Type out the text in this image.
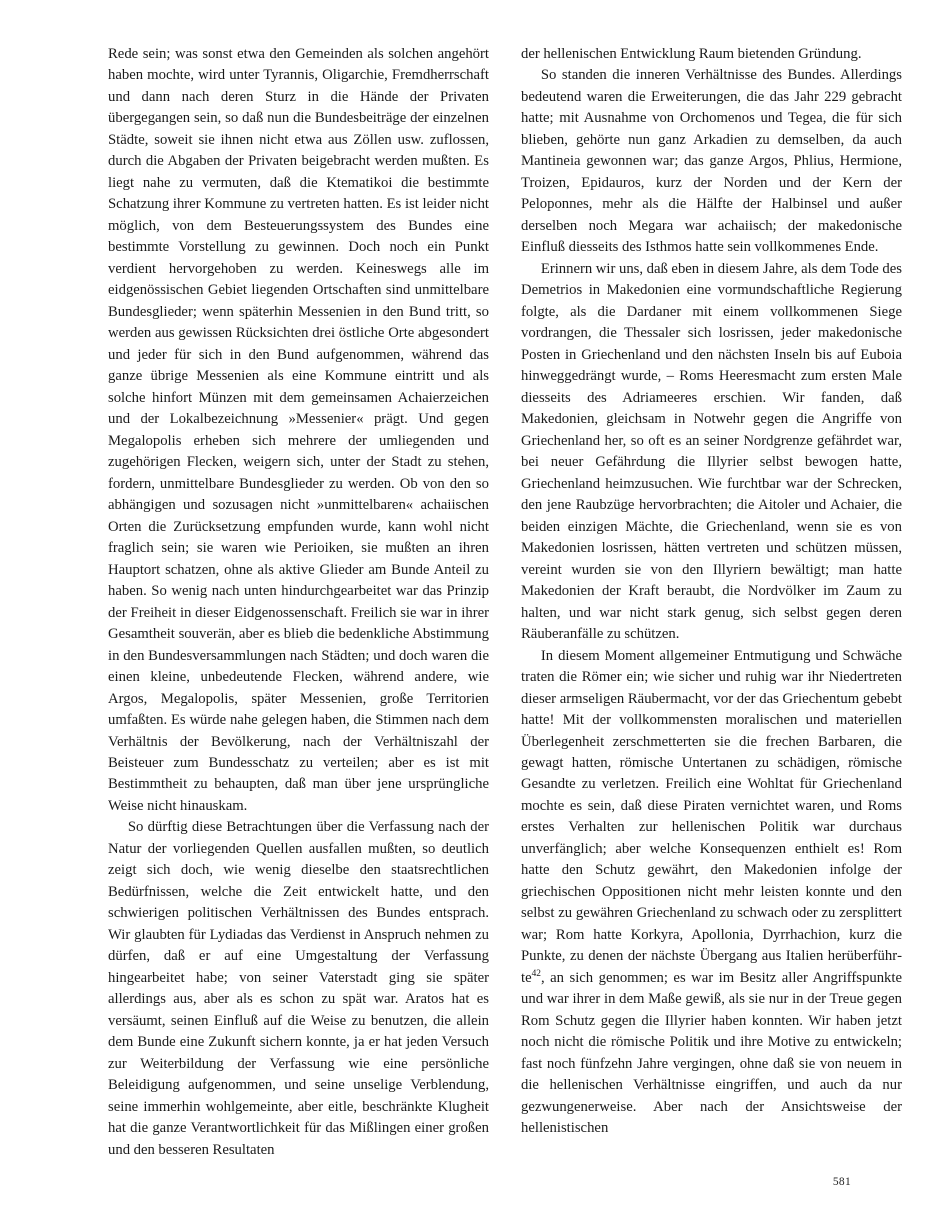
Rede sein; was sonst etwa den Gemeinden als solchen angehört haben mochte, wird unter Tyrannis, Oligarchie, Fremdherrschaft und dann nach deren Sturz in die Hände der Privaten übergegangen sein, so daß nun die Bundesbeiträge der einzelnen Städte, soweit sie ihnen nicht etwa aus Zöllen usw. zuflossen, durch die Abgaben der Privaten beigebracht werden mußten. Es liegt nahe zu vermuten, daß die Ktematikoi die bestimmte Schatzung ihrer Kommune zu vertreten hatten. Es ist leider nicht möglich, von dem Besteuerungssystem des Bundes eine bestimmte Vorstellung zu gewinnen. Doch noch ein Punkt verdient hervorgehoben zu werden. Keineswegs alle im eidgenössischen Gebiet liegenden Ortschaften sind unmittelbare Bundesglieder; wenn späterhin Messenien in den Bund tritt, so werden aus gewissen Rücksichten drei östliche Orte abgesondert und jeder für sich in den Bund aufgenommen, während das ganze übrige Messenien als eine Kommune eintritt und als solche hinfort Münzen mit dem gemeinsamen Achaierzeichen und der Lokalbezeichnung »Messenier« prägt. Und gegen Megalopolis erheben sich mehrere der umliegenden und zugehörigen Flecken, weigern sich, unter der Stadt zu stehen, fordern, unmittelbare Bundesglieder zu werden. Ob von den so abhängigen und sozusagen nicht »unmittelbaren« achaiischen Orten die Zurücksetzung empfunden wurde, kann wohl nicht fraglich sein; sie waren wie Perioiken, sie mußten an ihren Hauptort schatzen, ohne als aktive Glieder am Bunde Anteil zu haben. So wenig nach unten hindurchgearbeitet war das Prinzip der Freiheit in dieser Eidgenossenschaft. Freilich sie war in ihrer Gesamtheit souverän, aber es blieb die bedenkliche Abstimmung in den Bundesversammlungen nach Städten; und doch waren die einen kleine, unbedeutende Flecken, während andere, wie Argos, Megalopolis, später Messenien, große Territorien umfaßten. Es würde nahe gelegen haben, die Stimmen nach dem Verhältnis der Bevölkerung, nach der Verhältniszahl der Beisteuer zum Bundesschatz zu verteilen; aber es ist mit Bestimmtheit zu behaupten, daß man über jene ursprüngliche Weise nicht hinauskam.

So dürftig diese Betrachtungen über die Verfassung nach der Natur der vorliegenden Quellen ausfallen mußten, so deutlich zeigt sich doch, wie wenig dieselbe den staatsrechtlichen Bedürfnissen, welche die Zeit entwickelt hatte, und den schwierigen politischen Verhältnissen des Bundes entsprach. Wir glaubten für Lydiadas das Verdienst in Anspruch nehmen zu dürfen, daß er auf eine Umgestaltung der Verfassung hingearbeitet habe; von seiner Vaterstadt ging sie später allerdings aus, aber als es schon zu spät war. Aratos hat es versäumt, seinen Einfluß auf die Weise zu benutzen, die allein dem Bunde eine Zukunft sichern konnte, ja er hat jeden Versuch zur Weiterbildung der Verfassung wie eine persönliche Beleidigung aufgenommen, und seine unselige Verblendung, seine immerhin wohlgemeinte, aber eitle, beschränkte Klugheit hat die ganze Verantwortlichkeit für das Mißlingen einer großen und den besseren Resultaten

der hellenischen Entwicklung Raum bietenden Gründung.

So standen die inneren Verhältnisse des Bundes. Allerdings bedeutend waren die Erweiterungen, die das Jahr 229 gebracht hatte; mit Ausnahme von Orchomenos und Tegea, die für sich blieben, gehörte nun ganz Arkadien zu demselben, da auch Mantineia gewonnen war; das ganze Argos, Phlius, Hermione, Troizen, Epidauros, kurz der Norden und der Kern der Peloponnes, mehr als die Hälfte der Halbinsel und außer derselben noch Megara war achaiisch; der makedonische Einfluß diesseits des Isthmos hatte sein vollkommenes Ende.

Erinnern wir uns, daß eben in diesem Jahre, als dem Tode des Demetrios in Makedonien eine vormundschaftliche Regierung folgte, als die Dardaner mit einem vollkommenen Siege vordrangen, die Thessaler sich losrissen, jeder makedonische Posten in Griechenland und den nächsten Inseln bis auf Euboia hinweggedrängt wurde, – Roms Heeresmacht zum ersten Male diesseits des Adriameeres erschien. Wir fanden, daß Makedonien, gleichsam in Notwehr gegen die Angriffe von Griechenland her, so oft es an seiner Nordgrenze gefährdet war, bei neuer Gefährdung die Illyrier selbst bewogen hatte, Griechenland heimzusuchen. Wie furchtbar war der Schrecken, den jene Raubzüge hervorbrachten; die Aitoler und Achaier, die beiden einzigen Mächte, die Griechenland, wenn sie es von Makedonien losrissen, hätten vertreten und schützen müssen, vereint wurden sie von den Illyriern bewältigt; man hatte Makedonien der Kraft beraubt, die Nordvölker im Zaum zu halten, und war nicht stark genug, sich selbst gegen deren Räuberanfälle zu schützen.

In diesem Moment allgemeiner Entmutigung und Schwäche traten die Römer ein; wie sicher und ruhig war ihr Niedertreten dieser armseligen Räubermacht, vor der das Griechentum gebebt hatte! Mit der vollkommensten moralischen und materiellen Überlegenheit zerschmetterten sie die frechen Barbaren, die gewagt hatten, römische Untertanen zu schädigen, römische Gesandte zu verletzen. Freilich eine Wohltat für Griechenland mochte es sein, daß diese Piraten vernichtet waren, und Roms erstes Verhalten zur hellenischen Politik war durchaus unverfänglich; aber welche Konsequenzen enthielt es! Rom hatte den Schutz gewährt, den Makedonien infolge der griechischen Oppositionen nicht mehr leisten konnte und den selbst zu gewähren Griechenland zu schwach oder zu zersplittert war; Rom hatte Korkyra, Apollonia, Dyrrhachion, kurz die Punkte, zu denen der nächste Übergang aus Italien herüberführte$^{42}$, an sich genommen; es war im Besitz aller Angriffspunkte und war ihrer in dem Maße gewiß, als sie nur in der Treue gegen Rom Schutz gegen die Illyrier haben konnten. Wir haben jetzt noch nicht die römische Politik und ihre Motive zu entwickeln; fast noch fünfzehn Jahre vergingen, ohne daß sie von neuem in die hellenischen Verhältnisse eingriffen, und auch da nur gezwungenerweise. Aber nach der Ansichtsweise der hellenistischen

581
